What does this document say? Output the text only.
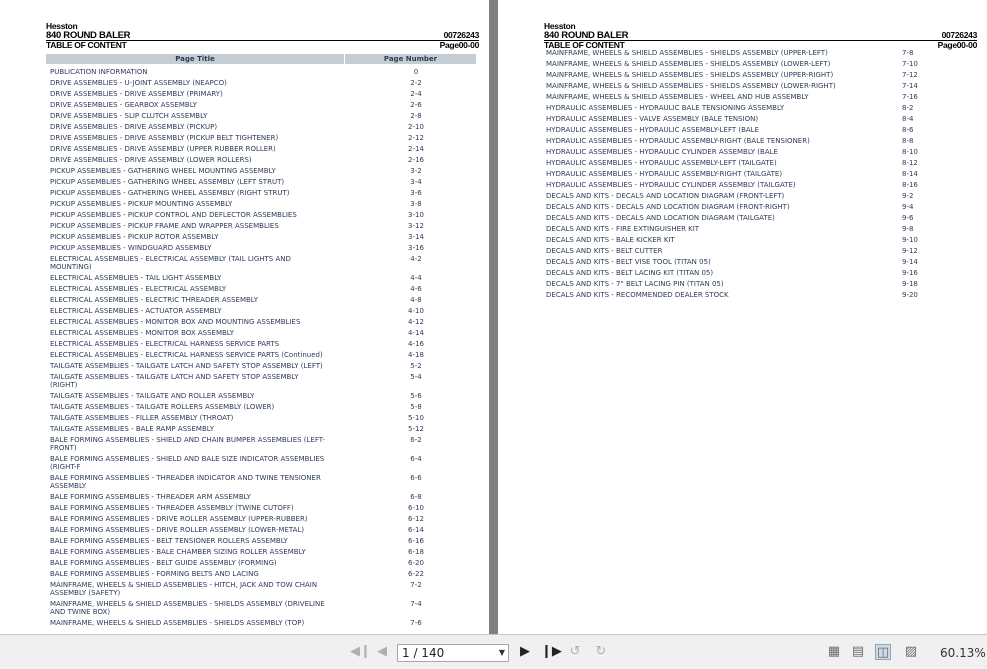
Hesston
840 ROUND BALER	00726243
TABLE OF CONTENT	Page00-00
Page Title	Page Number
PUBLICATION INFORMATION	0
DRIVE ASSEMBLIES - U-JOINT ASSEMBLY (NEAPCO)	2-2
DRIVE ASSEMBLIES - DRIVE ASSEMBLY (PRIMARY)	2-4
DRIVE ASSEMBLIES - GEARBOX ASSEMBLY	2-6
DRIVE ASSEMBLIES - SLIP CLUTCH ASSEMBLY	2-8
DRIVE ASSEMBLIES - DRIVE ASSEMBLY (PICKUP)	2-10
DRIVE ASSEMBLIES - DRIVE ASSEMBLY (PICKUP BELT TIGHTENER)	2-12
DRIVE ASSEMBLIES - DRIVE ASSEMBLY (UPPER RUBBER ROLLER)	2-14
DRIVE ASSEMBLIES - DRIVE ASSEMBLY (LOWER ROLLERS)	2-16
PICKUP ASSEMBLIES - GATHERING WHEEL MOUNTING ASSEMBLY	3-2
PICKUP ASSEMBLIES - GATHERING WHEEL ASSEMBLY (LEFT STRUT)	3-4
PICKUP ASSEMBLIES - GATHERING WHEEL ASSEMBLY (RIGHT STRUT)	3-6
PICKUP ASSEMBLIES - PICKUP MOUNTING ASSEMBLY	3-8
PICKUP ASSEMBLIES - PICKUP CONTROL AND DEFLECTOR ASSEMBLIES	3-10
PICKUP ASSEMBLIES - PICKUP FRAME AND WRAPPER ASSEMBLIES	3-12
PICKUP ASSEMBLIES - PICKUP ROTOR ASSEMBLY	3-14
PICKUP ASSEMBLIES - WINDGUARD ASSEMBLY	3-16
ELECTRICAL ASSEMBLIES - ELECTRICAL ASSEMBLY (TAIL LIGHTS AND MOUNTING)
4-2
ELECTRICAL ASSEMBLIES - TAIL LIGHT ASSEMBLY	4-4
ELECTRICAL ASSEMBLIES - ELECTRICAL ASSEMBLY	4-6
ELECTRICAL ASSEMBLIES - ELECTRIC THREADER ASSEMBLY	4-8
ELECTRICAL ASSEMBLIES - ACTUATOR ASSEMBLY	4-10
ELECTRICAL ASSEMBLIES - MONITOR BOX AND MOUNTING ASSEMBLIES	4-12
ELECTRICAL ASSEMBLIES - MONITOR BOX ASSEMBLY	4-14
ELECTRICAL ASSEMBLIES - ELECTRICAL HARNESS SERVICE PARTS	4-16
ELECTRICAL ASSEMBLIES - ELECTRICAL HARNESS SERVICE PARTS (Continued)	4-18
TAILGATE ASSEMBLIES - TAILGATE LATCH AND SAFETY STOP ASSEMBLY (LEFT)	5-2
TAILGATE ASSEMBLIES - TAILGATE LATCH AND SAFETY STOP ASSEMBLY (RIGHT)
5-4
TAILGATE ASSEMBLIES - TAILGATE AND ROLLER ASSEMBLY	5-6
TAILGATE ASSEMBLIES - TAILGATE ROLLERS ASSEMBLY (LOWER)	5-8
TAILGATE ASSEMBLIES - FILLER ASSEMBLY (THROAT)	5-10
TAILGATE ASSEMBLIES - BALE RAMP ASSEMBLY	5-12
BALE FORMING ASSEMBLIES - SHIELD AND CHAIN BUMPER ASSEMBLIES (LEFT-FRONT)
6-2
BALE FORMING ASSEMBLIES - SHIELD AND BALE SIZE INDICATOR ASSEMBLIES (RIGHT-F
6-4
BALE FORMING ASSEMBLIES - THREADER INDICATOR AND TWINE TENSIONER ASSEMBLY
6-6
BALE FORMING ASSEMBLIES - THREADER ARM ASSEMBLY	6-8
BALE FORMING ASSEMBLIES - THREADER ASSEMBLY (TWINE CUTOFF)	6-10
BALE FORMING ASSEMBLIES - DRIVE ROLLER ASSEMBLY (UPPER-RUBBER)	6-12
BALE FORMING ASSEMBLIES - DRIVE ROLLER ASSEMBLY (LOWER-METAL)	6-14
BALE FORMING ASSEMBLIES - BELT TENSIONER ROLLERS ASSEMBLY	6-16
BALE FORMING ASSEMBLIES - BALE CHAMBER SIZING ROLLER ASSEMBLY	6-18
BALE FORMING ASSEMBLIES - BELT GUIDE ASSEMBLY (FORMING)	6-20
BALE FORMING ASSEMBLIES - FORMING BELTS AND LACING	6-22
MAINFRAME, WHEELS & SHIELD ASSEMBLIES - HITCH, JACK AND TOW CHAIN ASSEMBLY (SAFETY)
7-2
MAINFRAME, WHEELS & SHIELD ASSEMBLIES - SHIELDS ASSEMBLY (DRIVELINE AND TWINE BOX)
7-4
MAINFRAME, WHEELS & SHIELD ASSEMBLIES - SHIELDS ASSEMBLY (TOP)	7-6
Hesston
840 ROUND BALER	00726243
TABLE OF CONTENT	Page00-00
MAINFRAME, WHEELS & SHIELD ASSEMBLIES - SHIELDS ASSEMBLY (UPPER-LEFT)	7-8
MAINFRAME, WHEELS & SHIELD ASSEMBLIES - SHIELDS ASSEMBLY (LOWER-LEFT)	7-10
MAINFRAME, WHEELS & SHIELD ASSEMBLIES - SHIELDS ASSEMBLY (UPPER-RIGHT)	7-12
MAINFRAME, WHEELS & SHIELD ASSEMBLIES - SHIELDS ASSEMBLY (LOWER-RIGHT)	7-14
MAINFRAME, WHEELS & SHIELD ASSEMBLIES - WHEEL AND HUB ASSEMBLY	7-16
HYDRAULIC ASSEMBLIES - HYDRAULIC BALE TENSIONING ASSEMBLY	8-2
HYDRAULIC ASSEMBLIES - VALVE ASSEMBLY (BALE TENSION)	8-4
HYDRAULIC ASSEMBLIES - HYDRAULIC ASSEMBLY-LEFT (BALE	8-6
HYDRAULIC ASSEMBLIES - HYDRAULIC ASSEMBLY-RIGHT (BALE TENSIONER)	8-8
HYDRAULIC ASSEMBLIES - HYDRAULIC CYLINDER ASSEMBLY (BALE	8-10
HYDRAULIC ASSEMBLIES - HYDRAULIC ASSEMBLY-LEFT (TAILGATE)	8-12
HYDRAULIC ASSEMBLIES - HYDRAULIC ASSEMBLY-RIGHT (TAILGATE)	8-14
HYDRAULIC ASSEMBLIES - HYDRAULIC CYLINDER ASSEMBLY (TAILGATE)	8-16
DECALS AND KITS - DECALS AND LOCATION DIAGRAM (FRONT-LEFT)	9-2
DECALS AND KITS - DECALS AND LOCATION DIAGRAM (FRONT-RIGHT)	9-4
DECALS AND KITS - DECALS AND LOCATION DIAGRAM (TAILGATE)	9-6
DECALS AND KITS - FIRE EXTINGUISHER KIT	9-8
DECALS AND KITS - BALE KICKER KIT	9-10
DECALS AND KITS - BELT CUTTER	9-12
DECALS AND KITS - BELT VISE TOOL (TITAN 05)	9-14
DECALS AND KITS - BELT LACING KIT (TITAN 05)	9-16
DECALS AND KITS - 7" BELT LACING PIN (TITAN 05)	9-18
DECALS AND KITS - RECOMMENDED DEALER STOCK	9-20
◀❙ ◀ 1 / 140	▼ ▶ ❙▶ ↺ ↻	▦ ▤ ◫ ▨ 60.13%
